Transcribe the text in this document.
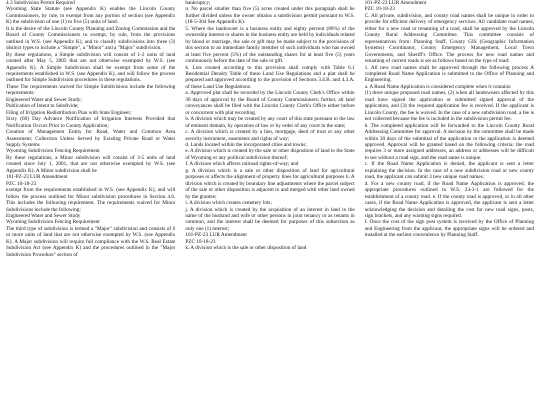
4.3 Subdivision Permit Required

Wyoming State Statute (see Appendix K) enables the Lincoln County Commissioners, by rule, to exempt from any portion of section (see Appendix K) the subdivision of one (1) to five (5) units of land.

It is the desire of the Lincoln County Planning and Zoning Commission and the Board of County Commissioners to exempt, by rule, from the provisions outlined in W.S. (see Appendix K), and to classify subdivisions into three (3) distinct types to include a "Simple", a "Minor" and a "Major" subdivision.

By these regulations, a Simple subdivision will consist of 1-2 units of land created after May 5, 2005 that are not otherwise exempted by W.S. (see Appendix K). A Simple Subdivision shall be exempt from some of the requirements established in W.S. (see Appendix K), and will follow the process outlined for Simple Subdivision procedures in these regulations.

These The requirements waived for Simple Subdivisions include the following requirements:

Engineered Water and Sewer Study;

Publication of Intent to Subdivide;

Filing of Irrigation Redistribution Plan with State Engineer;

Sixty (60) Day Advance Notification of Irrigation Interests Provided that Notification Occurs Prior to County Application;

Creation of Management Entity for Road, Water and Common Area Assessment; Collection Unless Served by Existing Private Road or Water Supply Systems

Wyoming Subdivision Fencing Requirement

By these regulations, a Minor subdivision will consist of 3-5 units of land created since July 1, 2001, that are not otherwise exempted by W.S. (see Appendix K). A Minor subdivision shall be

101-PZ-23 LUR Amendment

PZC 10-18-23

exempt from the requirements established in W.S. (see Appendix K), and will follow the process outlined for Minor subdivision procedures in Section 4.6. This includes the following requirement. The requirements waived for Minor Subdivisions include the following:

Engineered Water and Sewer Study

Wyoming Subdivision Fencing Requirement

The third type of subdivision is termed a "Major" subdivision and consists of 6 or more units of land that are not otherwise exempted by W.S. (see Appendix K). A Major subdivision will require full compliance with the W.S. Real Estate Subdivision Act (see Appendix K) and the procedures outlined in the "Major Subdivision Procedure" section of

bankruptcy;

n. No parcel smaller than five (5) acres created under this paragraph shall be further divided unless the owner obtains a subdivision permit pursuant to W.S. (18-5-304 See Appendix K).

5. Where the landowner is a business entity and eighty percent (80%) of the ownership interest or shares in the business entity are held by individuals related by blood or marriage, the sale or gift may be made subject to the provisions of this section to an immediate family member of such individuals who has owned at least five percent (5%) of the outstanding shares for at least five (5) years continuously before the date of the sale or gift.

k. Lots created according to this provision shall comply with Table 6.1 Residential Density Table of these Land Use Regulations and a plat shall be prepared and approved according to the provision of Sections 3.4.B. and 4.3.A. of these Land Use Regulations.

a. Approved plat shall be recorded by the Lincoln County Clerk's Office within 30 days of approval by the Board of County Commissioners; further, all land conveyances shall be filed with the Lincoln County Clerk's Office either before or concurrent with plat recording.

b. A division which may be created by any court of this state pursuant to the law of eminent domain, by operation of law or by order of any court in the state;

c. A division which is created by a lien, mortgage, deed of trust or any other security instrument, easements and rights of way;

d. Lands located within the incorporated cities and towns;

e. A division which is created by the sale or other disposition of land to the State of Wyoming or any political subdivision thereof;

f. A division which affects railroad rights-of-way; and

g. A division which is a sale or other disposition of land for agricultural purposes or affects the alignment of property lines for agricultural purposes h. A division which is created by boundary line adjustments where the parcel subject of the sale or other disposition is adjacent to and merged with other land owned by the grantee;

i. A division which creates cemetery lots;

j. A division which is created by the acquisition of an interest in land in the name of the husband and wife or other persons in joint tenancy or as tenants in common, and the interest shall be deemed for purposes of this subsection as only one (1) interest;

101-PZ-23 LUR Amendment

PZC 10-18-23

k. A division which is the sale or other disposition of land

101-PZ-23 LUR Amendment

PZC 10-18-23

C. All private, subdivision, and county road names shall be unique in order to provide for efficient delivery of emergency services. All candidate road names, either for a new road or renaming of a road, shall be approved by the Lincoln County Rural Addressing Committee. This committee consists of representatives from: Planning Staff, County GIS (Geographic Information Systems) Coordinator, County Emergency Management, Local Town Governments, and Sheriff's Office. The process for new road names and renaming of current roads is set as follows based on the type of road:

1. All new road names shall be approved through the following process A completed Road Name Application is submitted to the Office of Planning and Engineering.

a. A Road Name Application is considered complete when it contains:

(1) three unique proposed road names, (2) when all landowners affected by this road have signed the application or submitted signed approval of the application, and (3) the required application fee is received. If the applicant is Lincoln County, the fee is waived. In the case of a new subdivision road, a fee is not collected because the fee is included in the subdivision permit fee.

b. The completed application will be forwarded to the Lincoln County Rural Addressing Committee for approval. A decision by the committee shall be made within 30 days of the submittal of the application or the application is deemed approved. Approval will be granted based on the following criteria: the road requires 3 or more assigned addresses, an address or addresses will be difficult to see without a road sign, and the road name is unique.

c. If the Road Name Application is denied, the applicant is sent a letter explaining the decision. In the case of a new subdivision road or new county road, the applicant can submit 3 new unique road names.

d. For a new county road, if the Road Name Application is approved, the appropriate procedures outlined in W.S. 24-3-1 are followed for the establishment of a county road. e. If the county road is approved, or in all other cases, if the Road Name Application is approved, the applicant is sent a letter acknowledging the decision and detailing the cost for new road signs, posts, sign brackets, and any warning signs required.

f. Once the cost of the sign post system is received by the Office of Planning and Engineering from the applicant, the appropriate signs will be ordered and installed at the earliest convenience by Planning Staff.
